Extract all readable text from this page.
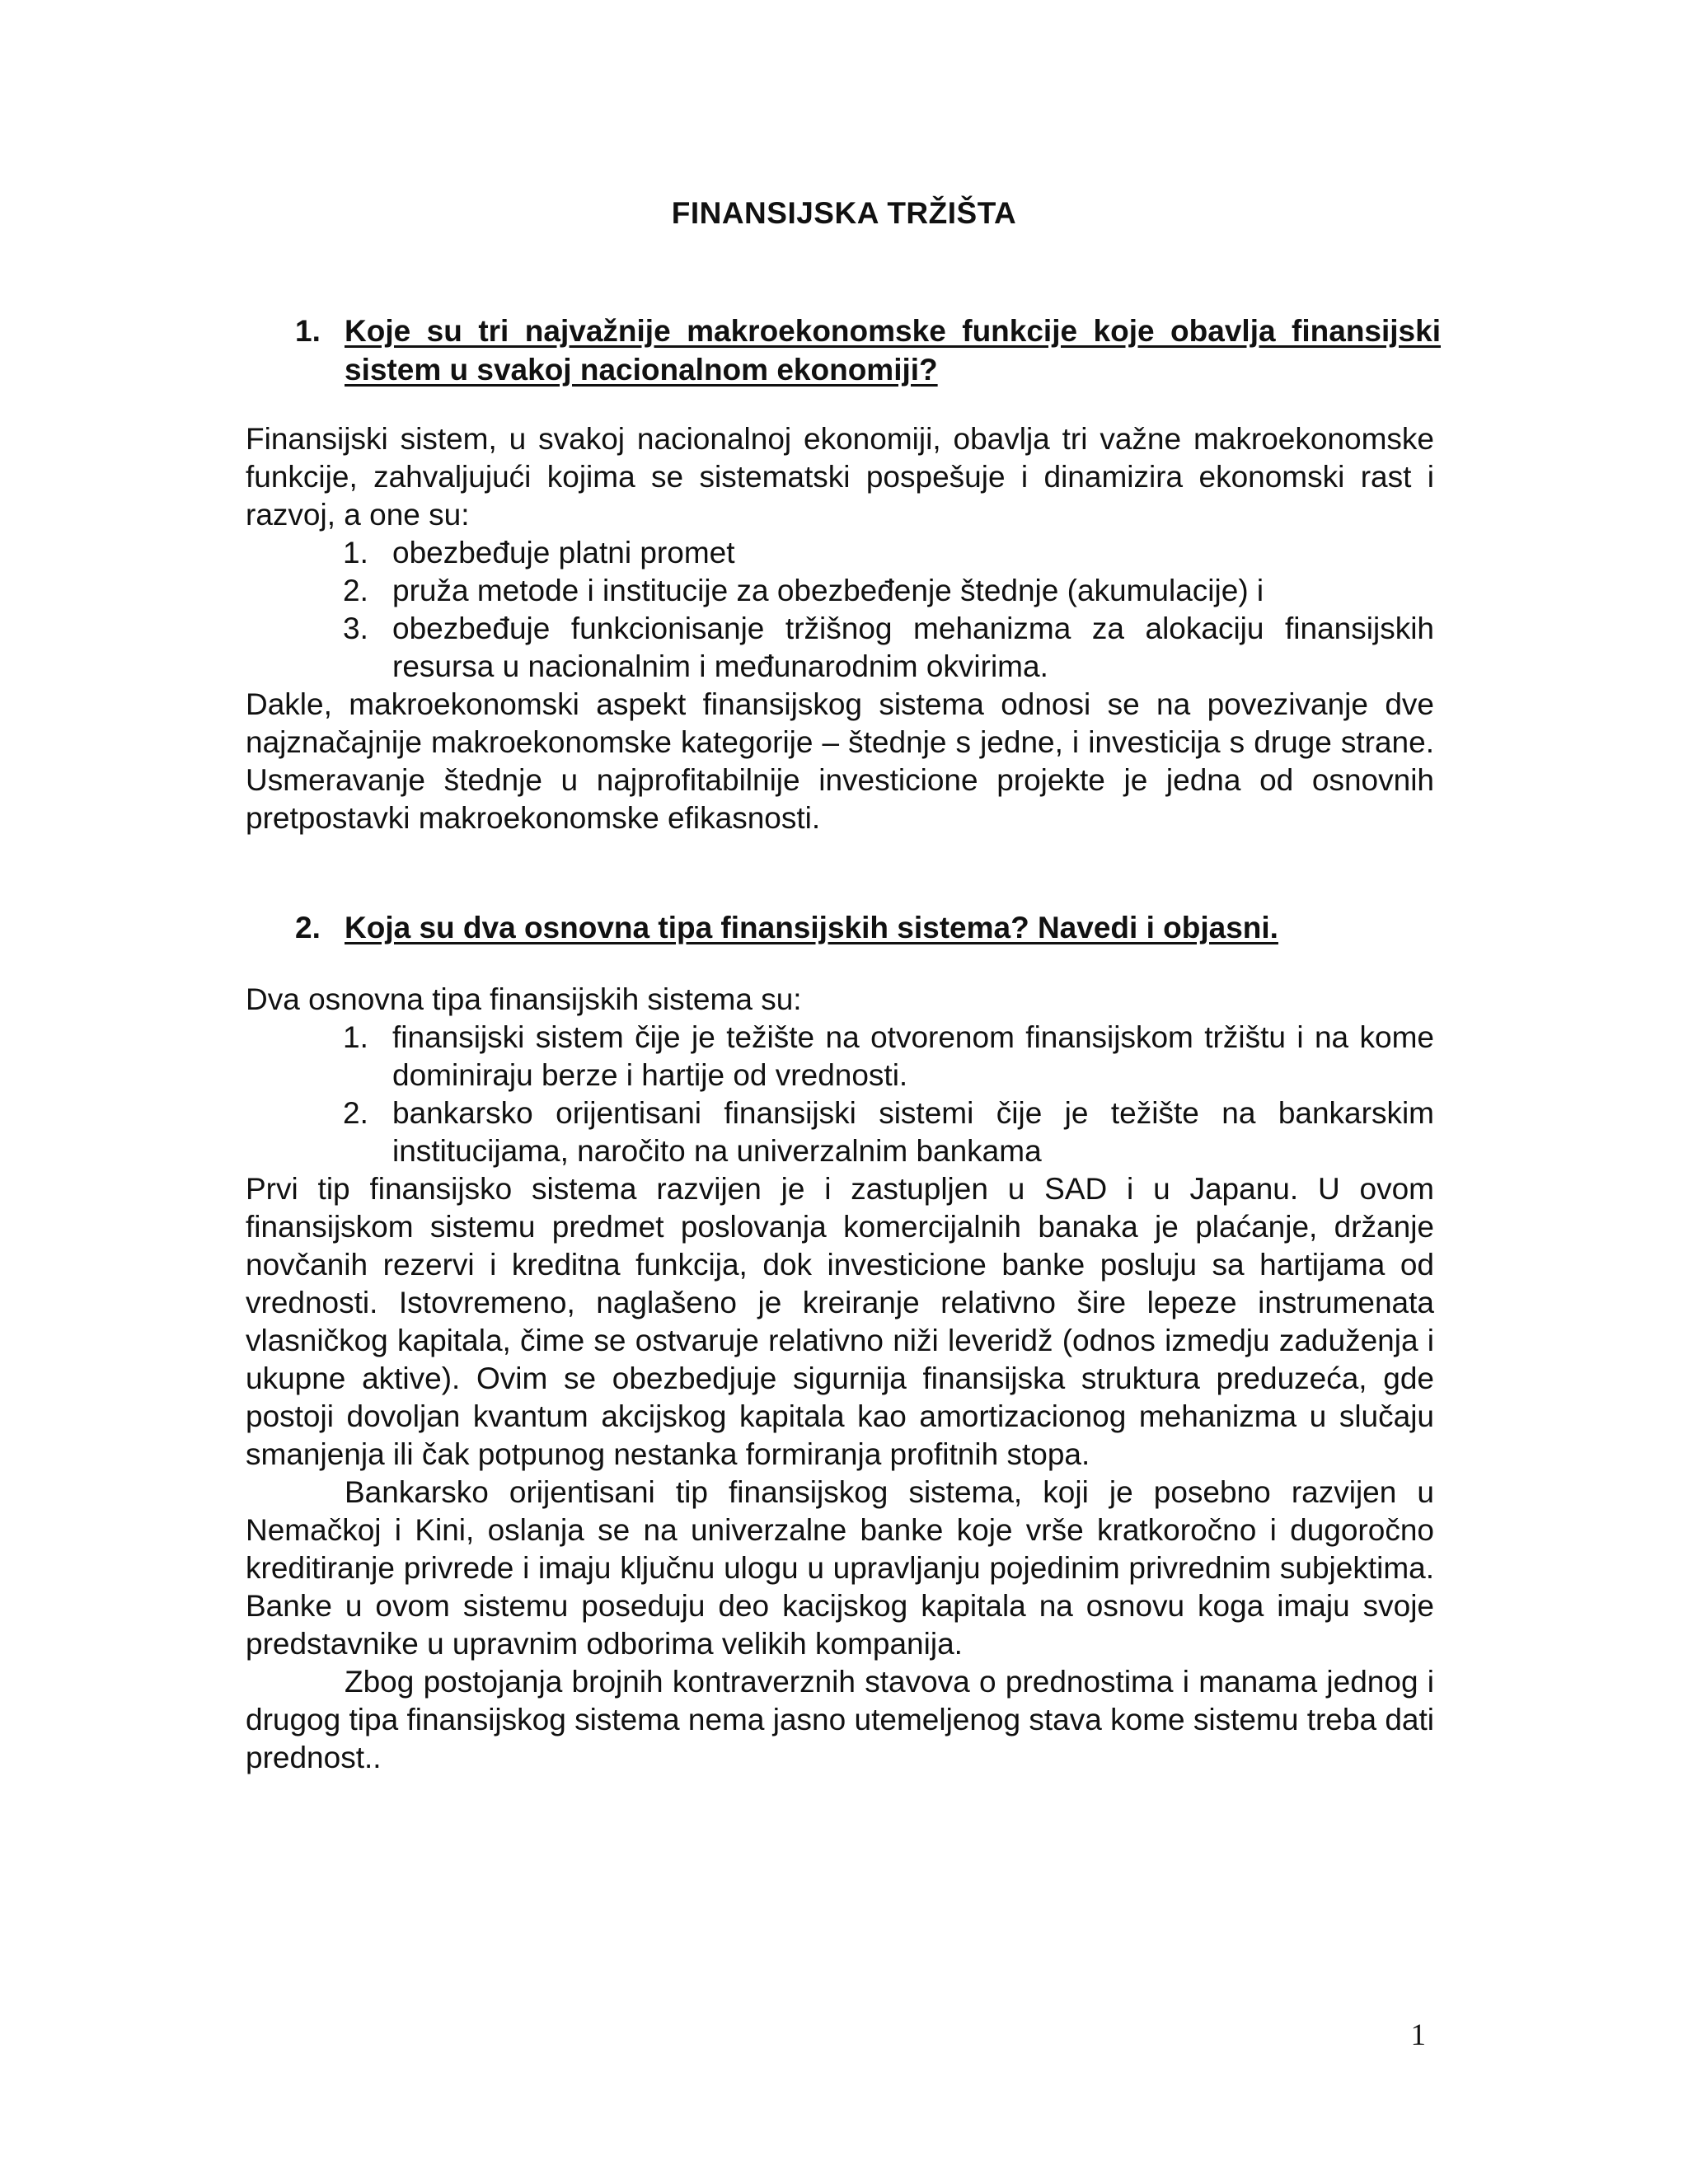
FINANSIJSKA TRŽIŠTA
1. Koje su tri najvažnije makroekonomske funkcije koje obavlja finansijski sistem u svakoj nacionalnom ekonomiji?

Finansijski sistem, u svakoj nacionalnoj ekonomiji, obavlja tri važne makroekonomske funkcije, zahvaljujući kojima se sistematski pospešuje i dinamizira ekonomski rast i razvoj, a one su:

1. obezbeđuje platni promet
2. pruža metode i institucije za obezbeđenje štednje (akumulacije) i
3. obezbeđuje funkcionisanje tržišnog mehanizma za alokaciju finansijskih resursa u nacionalnim i međunarodnim okvirima.

Dakle, makroekonomski aspekt finansijskog sistema odnosi se na povezivanje dve najznačajnije makroekonomske kategorije – štednje s jedne, i investicija s druge strane. Usmeravanje štednje u najprofitabilnije investicione projekte je jedna od osnovnih pretpostavki makroekonomske efikasnosti.

2. Koja su dva osnovna tipa finansijskih sistema? Navedi i objasni.

Dva osnovna tipa finansijskih sistema su:

1. finansijski sistem čije je težište na otvorenom finansijskom tržištu i na kome dominiraju berze i hartije od vrednosti.
2. bankarsko orijentisani finansijski sistemi čije je težište na bankarskim institucijama, naročito na univerzalnim bankama

Prvi tip finansijsko sistema razvijen je i zastupljen u SAD i u Japanu. U ovom finansijskom sistemu predmet poslovanja komercijalnih banaka je plaćanje, držanje novčanih rezervi i kreditna funkcija, dok investicione banke posluju sa hartijama od vrednosti. Istovremeno, naglašeno je kreiranje relativno šire lepeze instrumenata vlasničkog kapitala, čime se ostvaruje relativno niži leveridž (odnos izmedju zaduženja i ukupne aktive). Ovim se obezbedjuje sigurnija finansijska struktura preduzeća, gde postoji dovoljan kvantum akcijskog kapitala kao amortizacionog mehanizma u slučaju smanjenja ili čak potpunog nestanka formiranja profitnih stopa.

Bankarsko orijentisani tip finansijskog sistema, koji je posebno razvijen u Nemačkoj i Kini, oslanja se na univerzalne banke koje vrše kratkoročno i dugoročno kreditiranje privrede i imaju ključnu ulogu u upravljanju pojedinim privrednim subjektima. Banke u ovom sistemu poseduju deo kacijskog kapitala na osnovu koga imaju svoje predstavnike u upravnim odborima velikih kompanija.

Zbog postojanja brojnih kontraverznih stavova o prednostima i manama jednog i drugog tipa finansijskog sistema nema jasno utemeljenog stava kome sistemu treba dati prednost..

1
